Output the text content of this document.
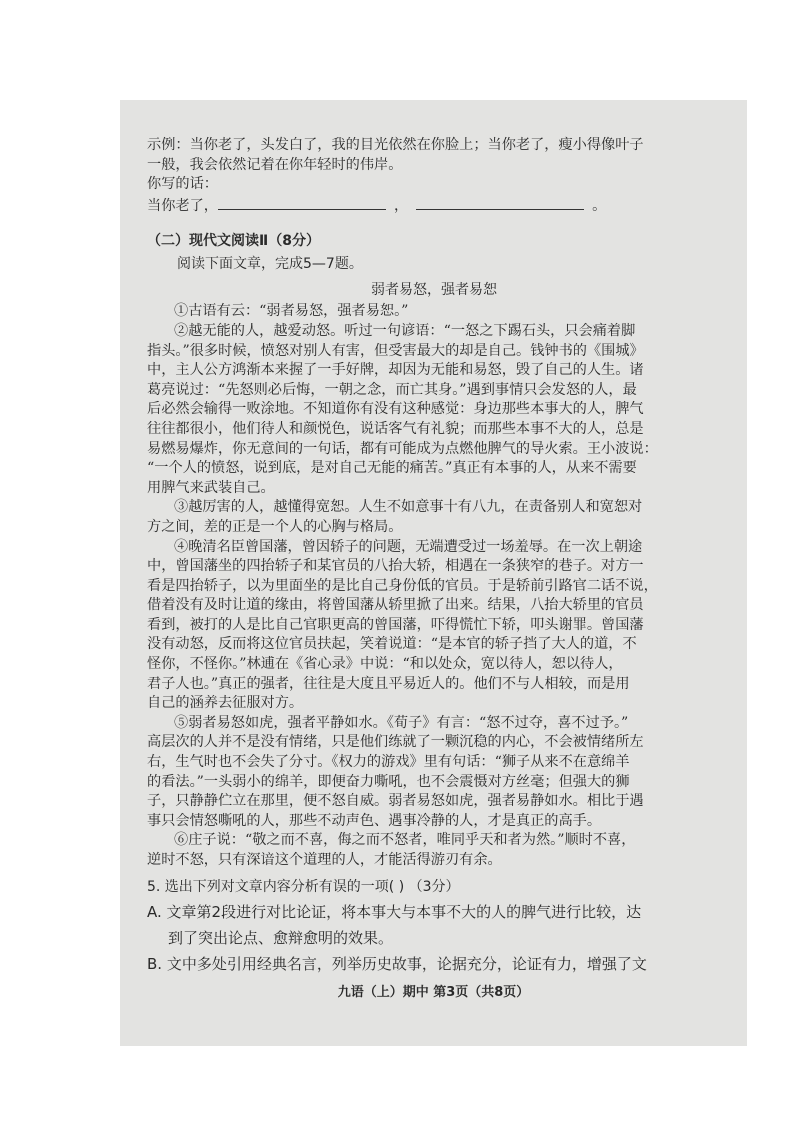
示例：当你老了，头发白了，我的目光依然在你脸上；当你老了，瘦小得像叶子
一般，我会依然记着在你年轻时的伟岸。
你写的话：
当你老了，	，	。
（二）现代文阅读Ⅱ（8分）
阅读下面文章，完成5—7题。
弱者易怒，强者易恕
①古语有云：“弱者易怒，强者易恕。”
②越无能的人，越爱动怒。听过一句谚语：“一怒之下踢石头，只会痛着脚
指头。”很多时候，愤怒对别人有害，但受害最大的却是自己。钱钟书的《围城》
中，主人公方鸿渐本来握了一手好牌，却因为无能和易怒，毁了自己的人生。诸
葛亮说过：“先怒则必后悔，一朝之念，而亡其身。”遇到事情只会发怒的人，最
后必然会输得一败涂地。不知道你有没有这种感觉：身边那些本事大的人，脾气
往往都很小，他们待人和颜悦色，说话客气有礼貌；而那些本事不大的人，总是
易燃易爆炸，你无意间的一句话，都有可能成为点燃他脾气的导火索。王小波说：
“一个人的愤怒，说到底，是对自己无能的痛苦。”真正有本事的人，从来不需要
用脾气来武装自己。
③越厉害的人，越懂得宽恕。人生不如意事十有八九，在责备别人和宽恕对
方之间，差的正是一个人的心胸与格局。
④晚清名臣曾国藩，曾因轿子的问题，无端遭受过一场羞辱。在一次上朝途
中，曾国藩坐的四抬轿子和某官员的八抬大轿，相遇在一条狭窄的巷子。对方一
看是四抬轿子，以为里面坐的是比自己身份低的官员。于是轿前引路官二话不说，
借着没有及时让道的缘由，将曾国藩从轿里掀了出来。结果，八抬大轿里的官员
看到，被打的人是比自己官职更高的曾国藩，吓得慌忙下轿，叩头谢罪。曾国藩
没有动怒，反而将这位官员扶起，笑着说道：“是本官的轿子挡了大人的道，不
怪你，不怪你。”林逋在《省心录》中说：“和以处众，宽以待人，恕以待人，
君子人也。”真正的强者，往往是大度且平易近人的。他们不与人相较，而是用
自己的涵养去征服对方。
⑤弱者易怒如虎，强者平静如水。《荀子》有言：“怒不过夺，喜不过予。”
高层次的人并不是没有情绪，只是他们练就了一颗沉稳的内心，不会被情绪所左
右，生气时也不会失了分寸。《权力的游戏》里有句话：“狮子从来不在意绵羊
的看法。”一头弱小的绵羊，即便奋力嘶吼，也不会震慑对方丝毫；但强大的狮
子，只静静伫立在那里，便不怒自威。弱者易怒如虎，强者易静如水。相比于遇
事只会情怒嘶吼的人，那些不动声色、遇事冷静的人，才是真正的高手。
⑥庄子说：“敬之而不喜，侮之而不怒者，唯同乎天和者为然。”顺时不喜，
逆时不怒，只有深谙这个道理的人，才能活得游刃有余。
5. 选出下列对文章内容分析有误的一项( ) （3分）
A. 文章第2段进行对比论证，将本事大与本事不大的人的脾气进行比较，达
到了突出论点、愈辩愈明的效果。
B. 文中多处引用经典名言，列举历史故事，论据充分，论证有力，增强了文
九语（上）期中 第3页（共8页）
